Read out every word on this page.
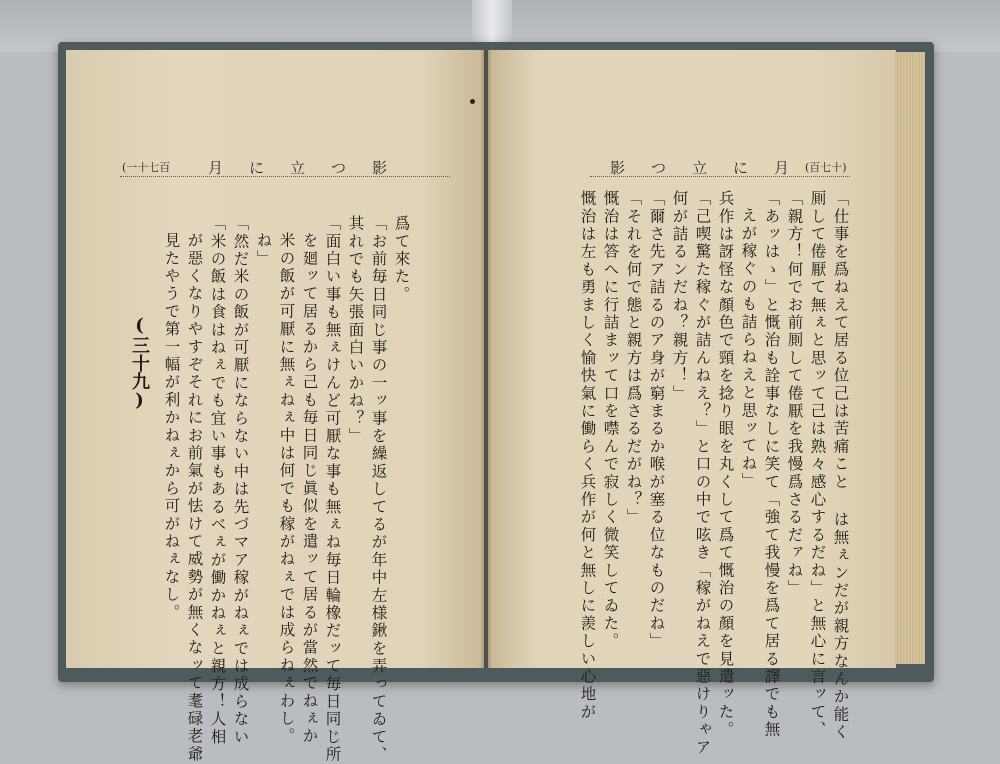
月に立つ影
(一十七百	影つ立に月
(百七十)
爲て來た。
「お前毎日同じ事の一ッ事を繰返してるが年中左様鍬を弄ってゐて、
其れでも矢張面白いかね？」
「面白い事も無ぇけんど可厭な事も無ぇね毎日輪橡だッて毎日同じ所
を廻ッて居るから己も毎日同じ眞似を遣ッて居るが當然でねぇか
米の飯が可厭に無ぇねぇ中は何でも稼がねぇでは成らねぇわし。
ね」
「然だ米の飯が可厭にならない中は先づマア稼がねぇでは成らない
「米の飯は食はねぇでも宜い事もあるべぇが働かねぇと親方！人相
が惡くなりやすぞそれにお前氣が怯けて威勢が無くなッて耄碌老爺
見たやうで第一幅が利かねぇから可がねぇなし。
(三十九)	「仕事を爲ねえて居る位己は苦痛こと は無ぇンだが親方なんか能く
厠して倦厭て無ぇと思ッて己は熟々感心するだね」と無心に言ッて、
「親方！何でお前厠して倦厭を我慢爲さるだァね」
「あッはゝ」と慨治も詮事なしに笑て「強て我慢を爲て居る譯でも無
えが稼ぐのも詰らねえと思ッてね」
兵作は訝怪な顏色で頸を捻り眼を丸くして爲て慨治の顏を見遣ッた。
「己喫驚た稼ぐが詰んねえ？」と口の中で呟き「稼がねえで惡けりゃア
何が詰るンだね？親方！」
「爾さ先ア詰るのア身が窮まるか喉が塞る位なものだね」
「それを何で態と親方は爲さるだがね？」
慨治は答へに行詰まッて口を噤んで寂しく微笑してゐた。
慨治は左も勇ましく愉快氣に働らく兵作が何と無しに羨しい心地が
